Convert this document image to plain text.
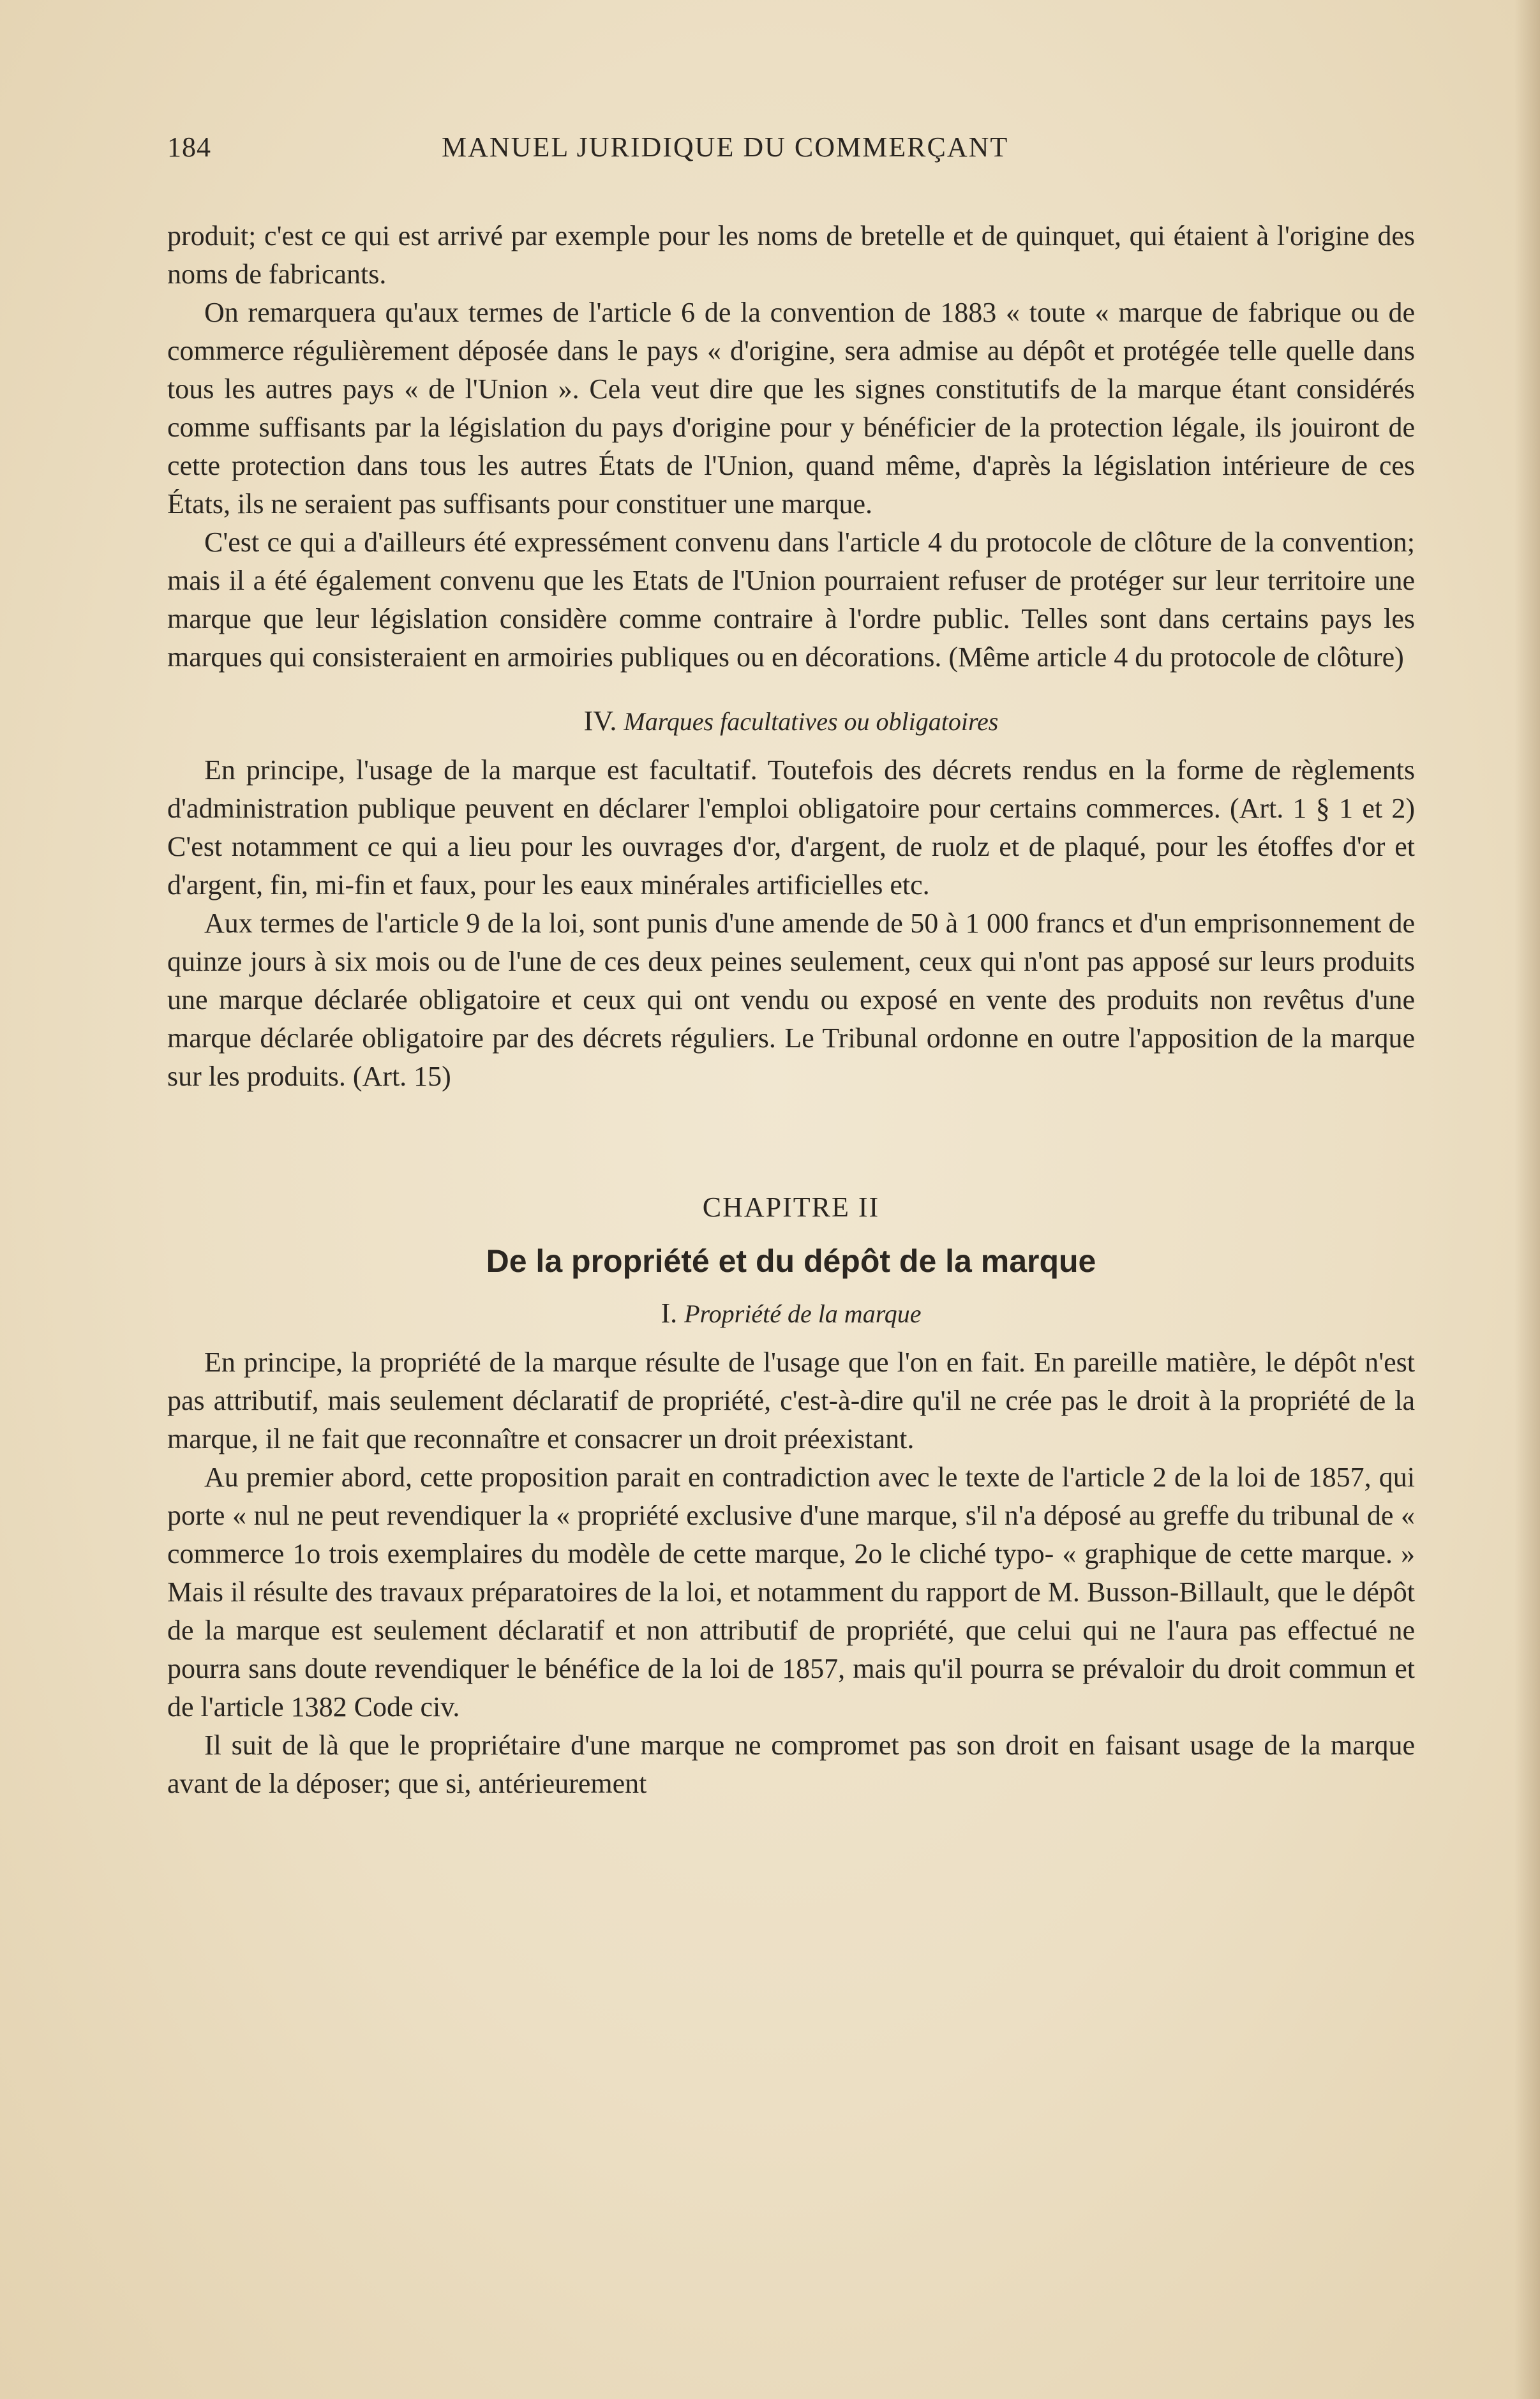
184	MANUEL JURIDIQUE DU COMMERÇANT

produit; c'est ce qui est arrivé par exemple pour les noms de bretelle et de quinquet, qui étaient à l'origine des noms de fabricants.

On remarquera qu'aux termes de l'article 6 de la convention de 1883 « toute « marque de fabrique ou de commerce régulièrement déposée dans le pays « d'origine, sera admise au dépôt et protégée telle quelle dans tous les autres pays « de l'Union ». Cela veut dire que les signes constitutifs de la marque étant considérés comme suffisants par la législation du pays d'origine pour y bénéficier de la protection légale, ils jouiront de cette protection dans tous les autres États de l'Union, quand même, d'après la législation intérieure de ces États, ils ne seraient pas suffisants pour constituer une marque.

C'est ce qui a d'ailleurs été expressément convenu dans l'article 4 du protocole de clôture de la convention; mais il a été également convenu que les Etats de l'Union pourraient refuser de protéger sur leur territoire une marque que leur législation considère comme contraire à l'ordre public. Telles sont dans certains pays les marques qui consisteraient en armoiries publiques ou en décorations. (Même article 4 du protocole de clôture)

IV. Marques facultatives ou obligatoires

En principe, l'usage de la marque est facultatif. Toutefois des décrets rendus en la forme de règlements d'administration publique peuvent en déclarer l'emploi obligatoire pour certains commerces. (Art. 1 § 1 et 2) C'est notamment ce qui a lieu pour les ouvrages d'or, d'argent, de ruolz et de plaqué, pour les étoffes d'or et d'argent, fin, mi-fin et faux, pour les eaux minérales artificielles etc.

Aux termes de l'article 9 de la loi, sont punis d'une amende de 50 à 1 000 francs et d'un emprisonnement de quinze jours à six mois ou de l'une de ces deux peines seulement, ceux qui n'ont pas apposé sur leurs produits une marque déclarée obligatoire et ceux qui ont vendu ou exposé en vente des produits non revêtus d'une marque déclarée obligatoire par des décrets réguliers. Le Tribunal ordonne en outre l'apposition de la marque sur les produits. (Art. 15)

CHAPITRE II
De la propriété et du dépôt de la marque

I. Propriété de la marque

En principe, la propriété de la marque résulte de l'usage que l'on en fait. En pareille matière, le dépôt n'est pas attributif, mais seulement déclaratif de propriété, c'est-à-dire qu'il ne crée pas le droit à la propriété de la marque, il ne fait que reconnaître et consacrer un droit préexistant.

Au premier abord, cette proposition parait en contradiction avec le texte de l'article 2 de la loi de 1857, qui porte « nul ne peut revendiquer la « propriété exclusive d'une marque, s'il n'a déposé au greffe du tribunal de « commerce 1o trois exemplaires du modèle de cette marque, 2o le cliché typo- « graphique de cette marque. » Mais il résulte des travaux préparatoires de la loi, et notamment du rapport de M. Busson-Billault, que le dépôt de la marque est seulement déclaratif et non attributif de propriété, que celui qui ne l'aura pas effectué ne pourra sans doute revendiquer le bénéfice de la loi de 1857, mais qu'il pourra se prévaloir du droit commun et de l'article 1382 Code civ.

Il suit de là que le propriétaire d'une marque ne compromet pas son droit en faisant usage de la marque avant de la déposer; que si, antérieurement
